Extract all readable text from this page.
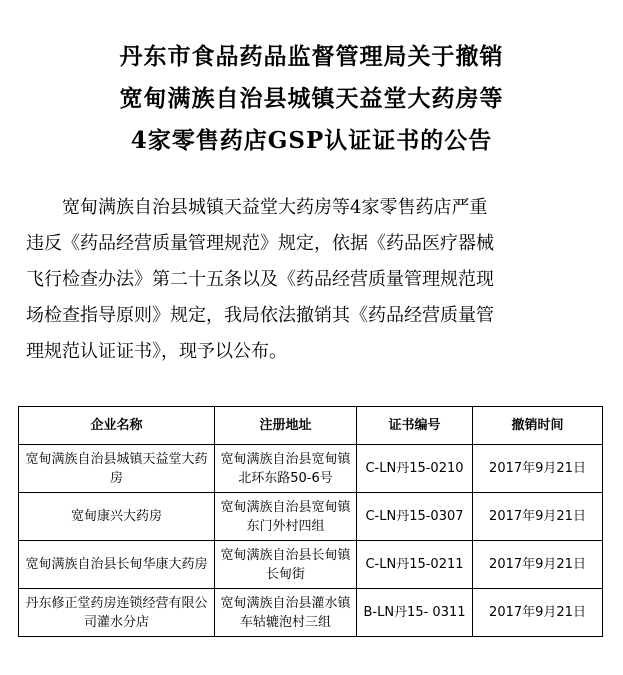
丹东市食品药品监督管理局关于撤销
宽甸满族自治县城镇天益堂大药房等
4家零售药店GSP认证证书的公告
宽甸满族自治县城镇天益堂大药房等4家零售药店严重
违反《药品经营质量管理规范》规定，依据《药品医疗器械
飞行检查办法》第二十五条以及《药品经营质量管理规范现
场检查指导原则》规定，我局依法撤销其《药品经营质量管
理规范认证证书》，现予以公布。
企业名称	注册地址	证书编号	撤销时间
宽甸满族自治县城镇天益堂大药房	宽甸满族自治县宽甸镇北环东路50-6号	C-LN丹15-0210	2017年9月21日
宽甸康兴大药房	宽甸满族自治县宽甸镇东门外村四组	C-LN丹15-0307	2017年9月21日
宽甸满族自治县长甸华康大药房	宽甸满族自治县长甸镇长甸街	C-LN丹15-0211	2017年9月21日
丹东修正堂药房连锁经营有限公司灌水分店	宽甸满族自治县灌水镇车轱辘泡村三组	B-LN丹15- 0311	2017年9月21日
